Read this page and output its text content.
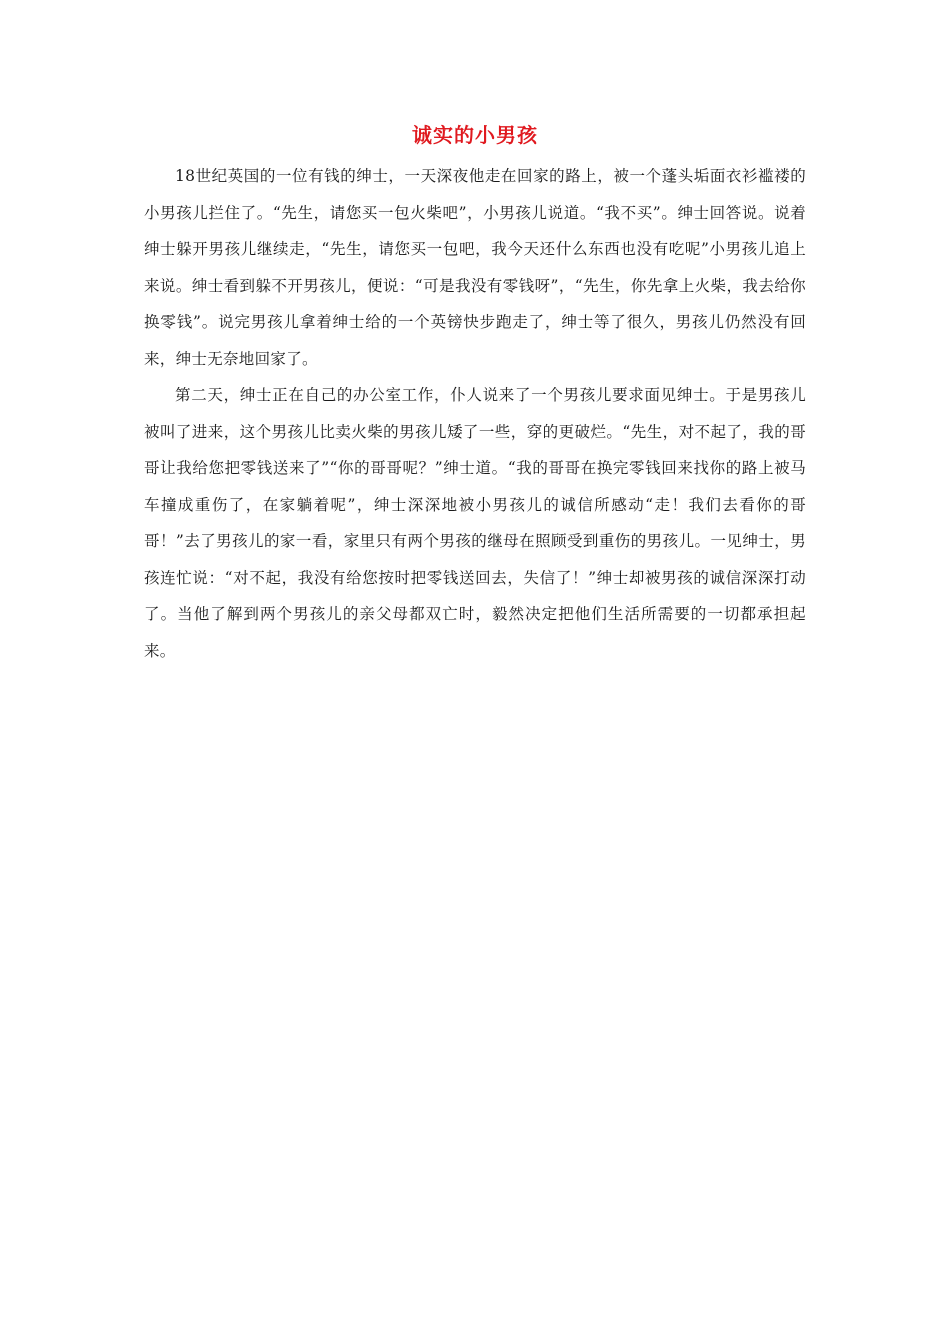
诚实的小男孩

18世纪英国的一位有钱的绅士，一天深夜他走在回家的路上，被一个蓬头垢面衣衫褴褛的小男孩儿拦住了。“先生，请您买一包火柴吧”，小男孩儿说道。“我不买”。绅士回答说。说着绅士躲开男孩儿继续走，“先生，请您买一包吧，我今天还什么东西也没有吃呢”小男孩儿追上来说。绅士看到躲不开男孩儿，便说：“可是我没有零钱呀”，“先生，你先拿上火柴，我去给你换零钱”。说完男孩儿拿着绅士给的一个英镑快步跑走了，绅士等了很久，男孩儿仍然没有回来，绅士无奈地回家了。

第二天，绅士正在自己的办公室工作，仆人说来了一个男孩儿要求面见绅士。于是男孩儿被叫了进来，这个男孩儿比卖火柴的男孩儿矮了一些，穿的更破烂。“先生，对不起了，我的哥哥让我给您把零钱送来了”“你的哥哥呢？”绅士道。“我的哥哥在换完零钱回来找你的路上被马车撞成重伤了，在家躺着呢”，绅士深深地被小男孩儿的诚信所感动“走！我们去看你的哥哥！”去了男孩儿的家一看，家里只有两个男孩的继母在照顾受到重伤的男孩儿。一见绅士，男孩连忙说：“对不起，我没有给您按时把零钱送回去，失信了！”绅士却被男孩的诚信深深打动了。当他了解到两个男孩儿的亲父母都双亡时，毅然决定把他们生活所需要的一切都承担起来。
